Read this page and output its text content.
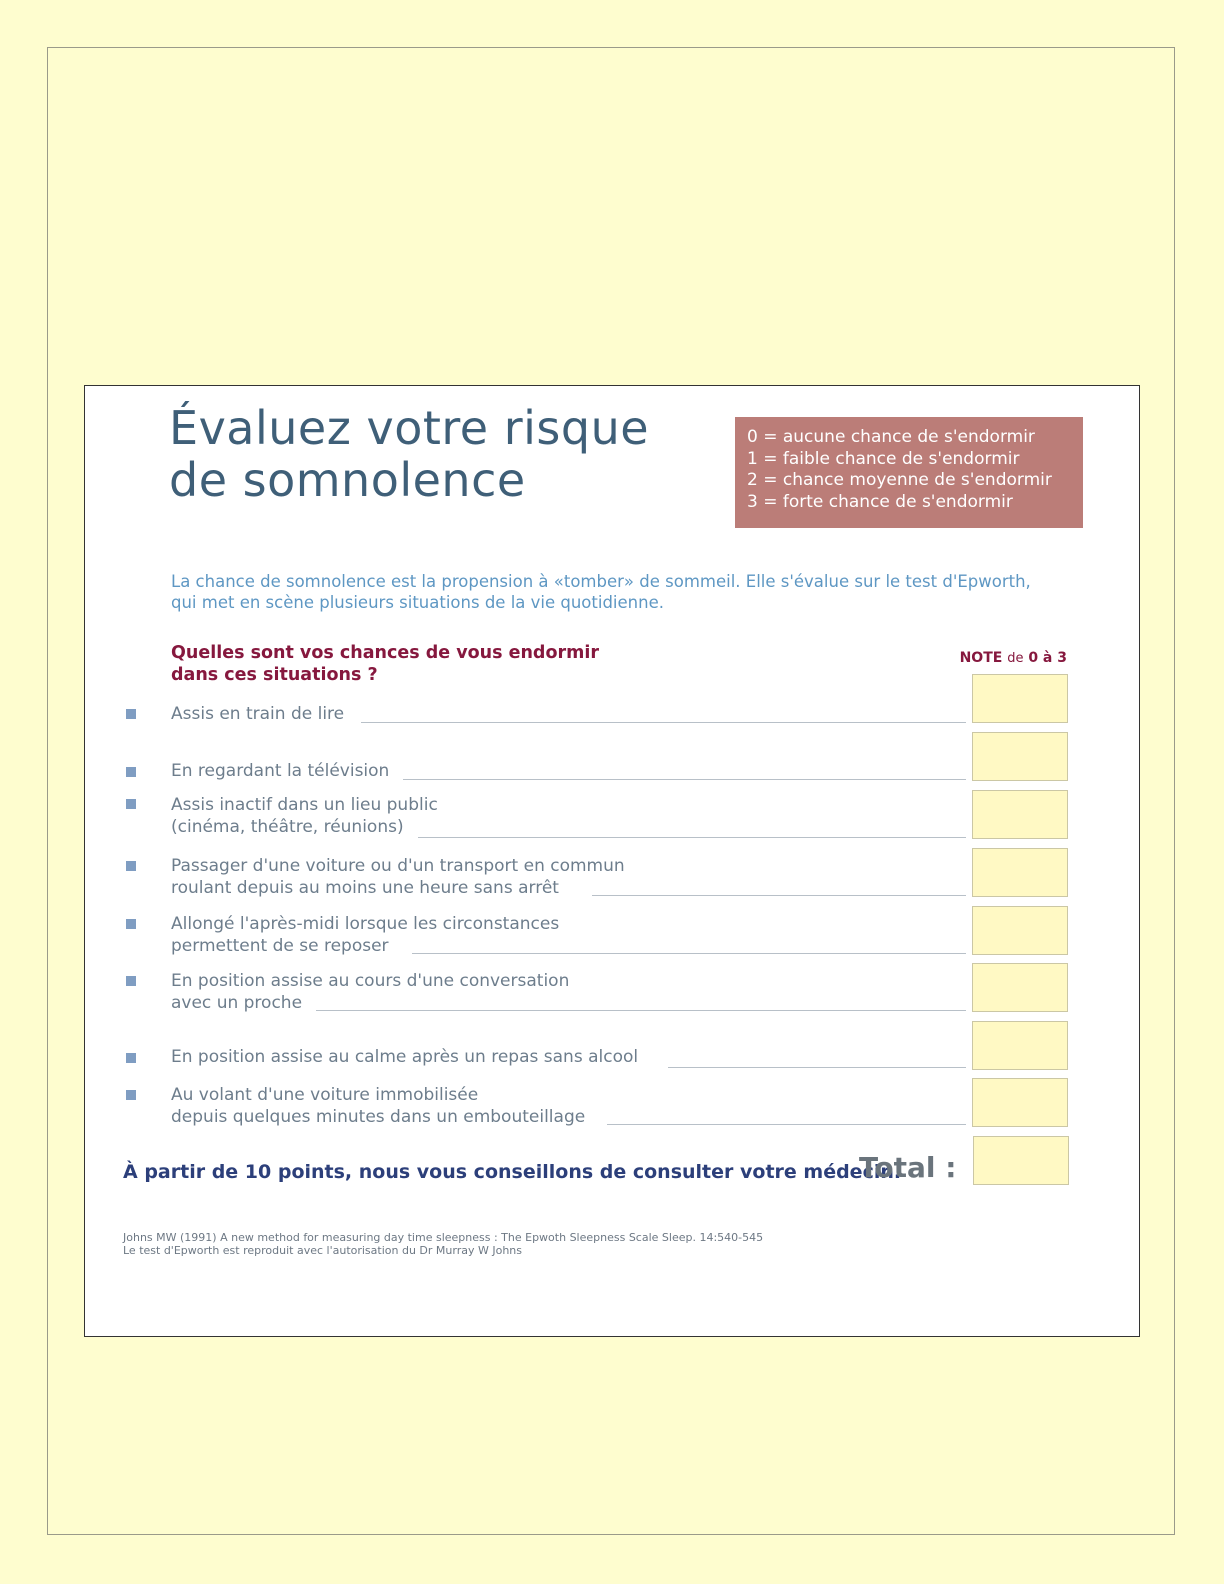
Évaluez votre risque
de somnolence
0 = aucune chance de s'endormir
1 = faible chance de s'endormir
2 = chance moyenne de s'endormir
3 = forte chance de s'endormir
La chance de somnolence est la propension à «tomber» de sommeil. Elle s'évalue sur le test d'Epworth,
qui met en scène plusieurs situations de la vie quotidienne.
Quelles sont vos chances de vous endormir
dans ces situations ?
NOTE de 0 à 3
Assis en train de lire
En regardant la télévision
Assis inactif dans un lieu public
(cinéma, théâtre, réunions)
Passager d'une voiture ou d'un transport en commun
roulant depuis au moins une heure sans arrêt
Allongé l'après-midi lorsque les circonstances
permettent de se reposer
En position assise au cours d'une conversation
avec un proche
En position assise au calme après un repas sans alcool
Au volant d'une voiture immobilisée
depuis quelques minutes dans un embouteillage
À partir de 10 points, nous vous conseillons de consulter votre médecin.
Total :
Johns MW (1991) A new method for measuring day time sleepness : The Epwoth Sleepness Scale Sleep. 14:540-545
Le test d'Epworth est reproduit avec l'autorisation du Dr Murray W Johns
